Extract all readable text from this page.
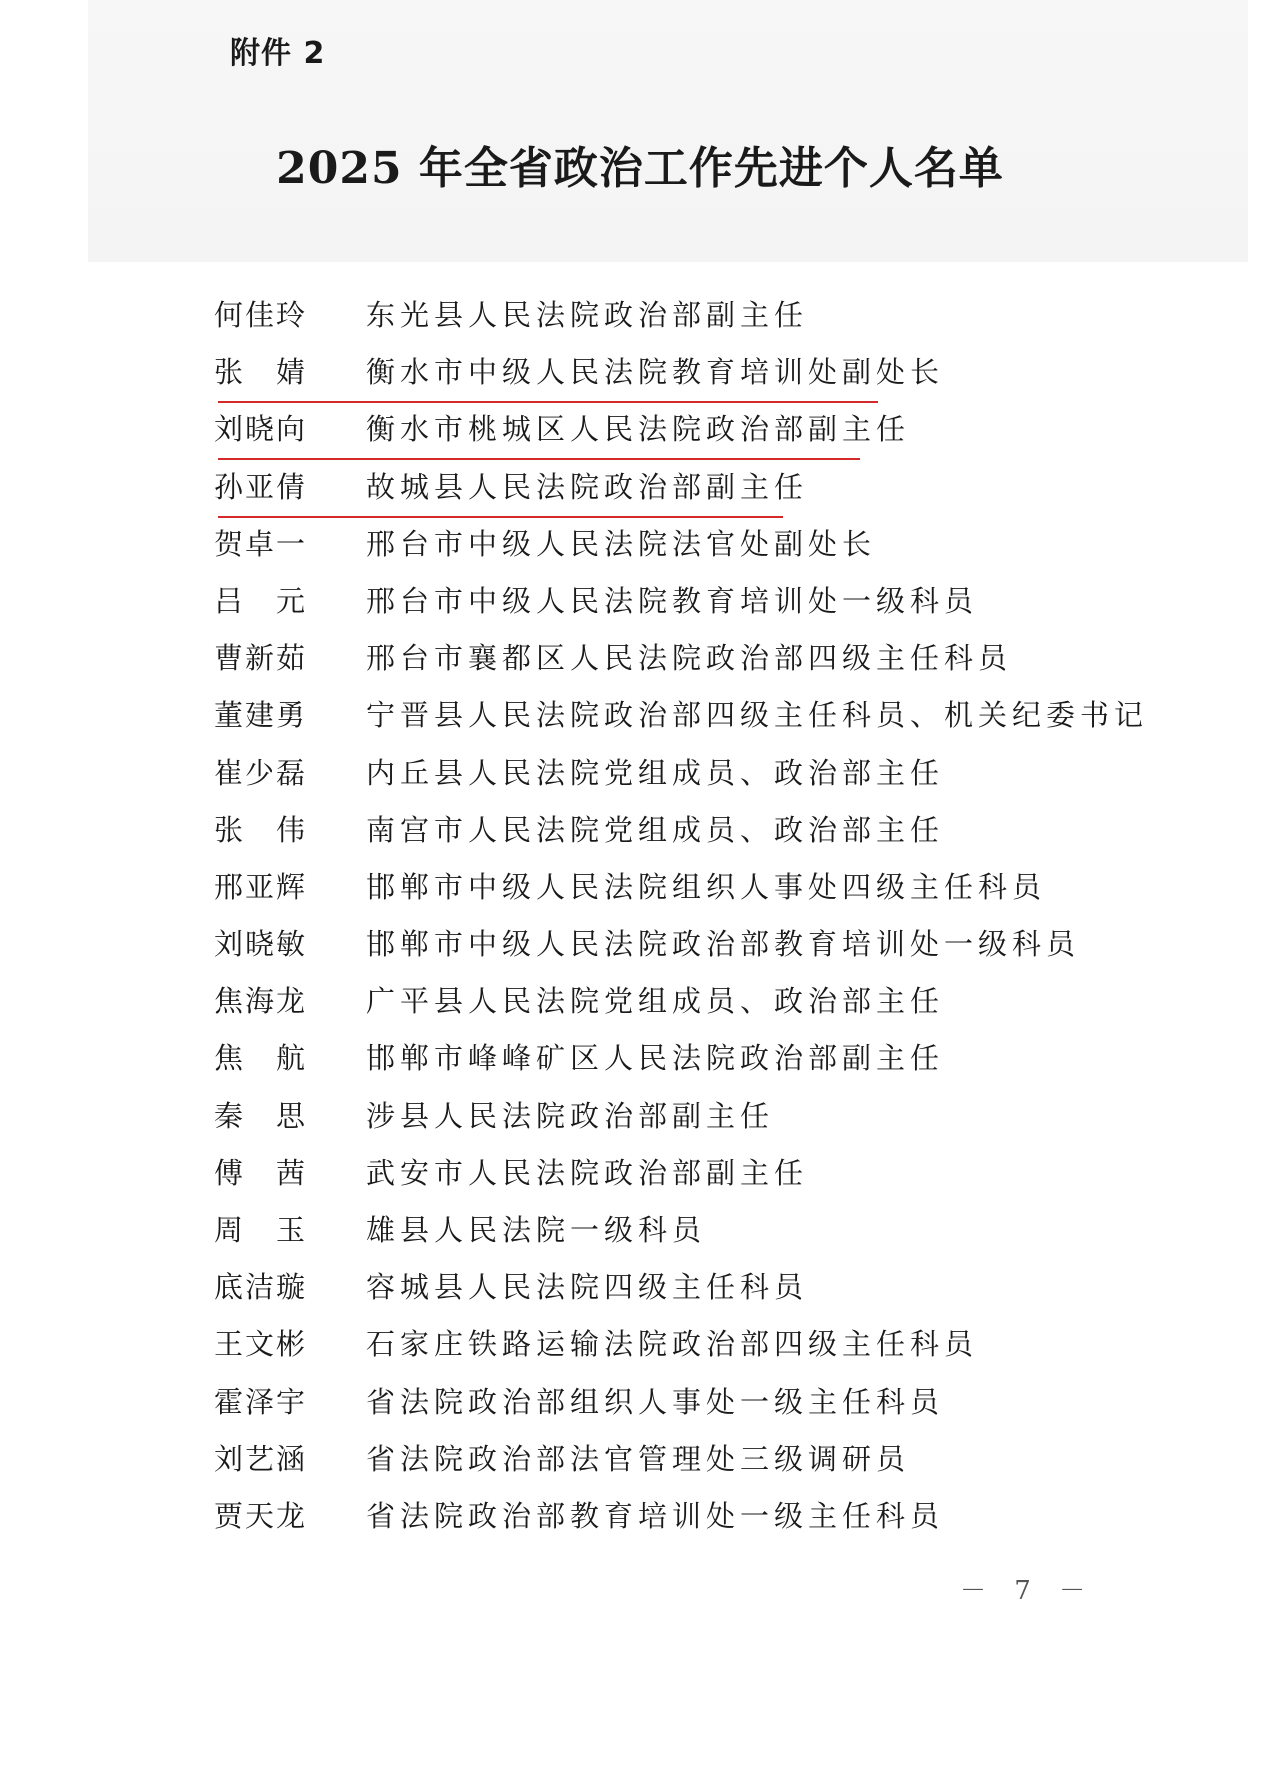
附件 2
2025 年全省政治工作先进个人名单
何佳玲	东光县人民法院政治部副主任
张　婧	衡水市中级人民法院教育培训处副处长
刘晓向	衡水市桃城区人民法院政治部副主任
孙亚倩	故城县人民法院政治部副主任
贺卓一	邢台市中级人民法院法官处副处长
吕　元	邢台市中级人民法院教育培训处一级科员
曹新茹	邢台市襄都区人民法院政治部四级主任科员
董建勇	宁晋县人民法院政治部四级主任科员、机关纪委书记
崔少磊	内丘县人民法院党组成员、政治部主任
张　伟	南宫市人民法院党组成员、政治部主任
邢亚辉	邯郸市中级人民法院组织人事处四级主任科员
刘晓敏	邯郸市中级人民法院政治部教育培训处一级科员
焦海龙	广平县人民法院党组成员、政治部主任
焦　航	邯郸市峰峰矿区人民法院政治部副主任
秦　思	涉县人民法院政治部副主任
傅　茜	武安市人民法院政治部副主任
周　玉	雄县人民法院一级科员
底洁璇	容城县人民法院四级主任科员
王文彬	石家庄铁路运输法院政治部四级主任科员
霍泽宇	省法院政治部组织人事处一级主任科员
刘艺涵	省法院政治部法官管理处三级调研员
贾天龙	省法院政治部教育培训处一级主任科员
－ 7 －
